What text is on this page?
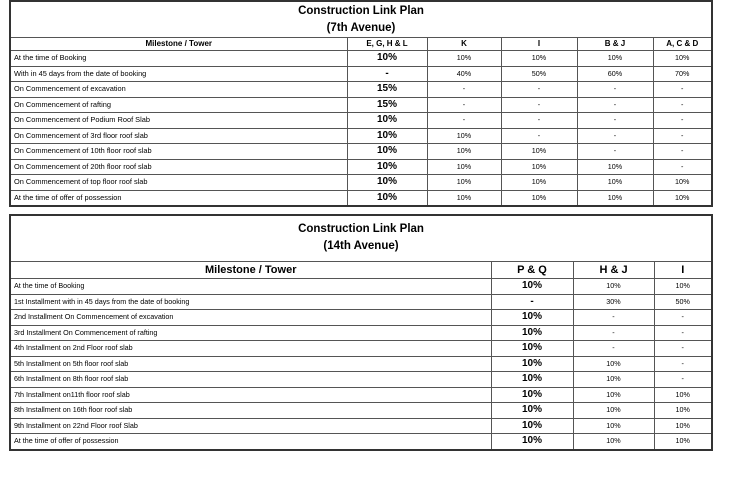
Construction Link Plan
(7th Avenue)					

Milestone / Tower	E, G, H & L	K	I	B & J	A, C & D
At the time of Booking	10%	10%	10%	10%	10%
With in 45 days from the date of booking	-	40%	50%	60%	70%
On Commencement of excavation	15%	-	-	-	-
On Commencement of rafting	15%	-	-	-	-
On Commencement of Podium Roof Slab	10%	-	-	-	-
On Commencement of 3rd floor roof slab	10%	10%	-	-	-
On Commencement of 10th floor roof slab	10%	10%	10%	-	-
On Commencement of 20th floor roof slab	10%	10%	10%	10%	-
On Commencement of top floor roof slab	10%	10%	10%	10%	10%
At the time of offer of possession	10%	10%	10%	10%	10%
Construction Link Plan
(14th Avenue)			

Milestone / Tower	P & Q	H & J	I
At the time of Booking	10%	10%	10%
1st Installment with in 45 days from the date of booking	-	30%	50%
2nd Installment On Commencement of excavation	10%	-	-
3rd Installment On Commencement of rafting	10%	-	-
4th Installment on 2nd Floor roof slab	10%	-	-
5th Installment on 5th floor roof slab	10%	10%	-
6th Installment on 8th floor roof slab	10%	10%	-
7th Installment on11th floor roof slab	10%	10%	10%
8th Installment on 16th floor roof slab	10%	10%	10%
9th Installment on 22nd Floor roof Slab	10%	10%	10%
At the time of offer of possession	10%	10%	10%
